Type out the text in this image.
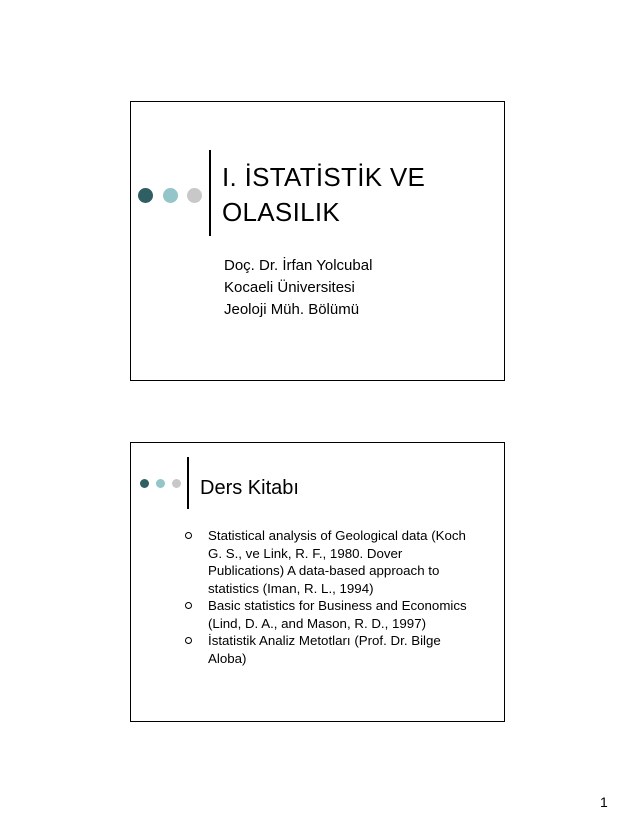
I. İSTATİSTİK VE
OLASILIK
Doç. Dr. İrfan Yolcubal
Kocaeli Üniversitesi
Jeoloji Müh. Bölümü
Ders Kitabı
Statistical analysis of Geological data (Koch
G. S., ve Link, R. F., 1980. Dover
Publications) A data-based approach to
statistics (Iman, R. L., 1994)
Basic statistics for Business and Economics
(Lind, D. A., and Mason, R. D., 1997)
İstatistik Analiz Metotları (Prof. Dr. Bilge
Aloba)
1
